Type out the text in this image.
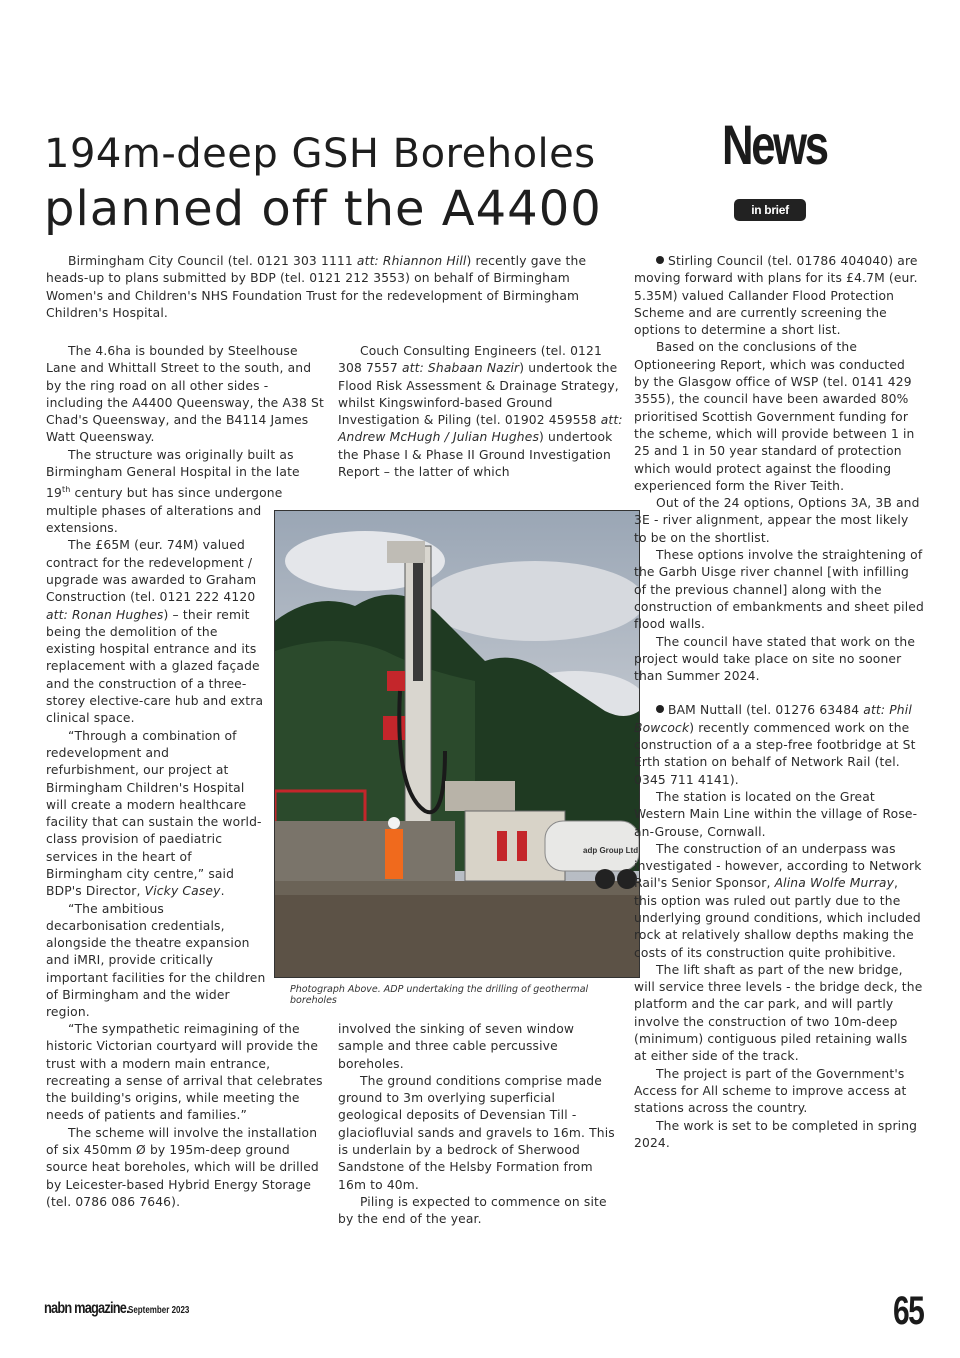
194m-deep GSH Boreholes
planned off the A4400
News
in brief

Birmingham City Council (tel. 0121 303 1111 att: Rhiannon Hill) recently gave the heads-up to plans submitted by BDP (tel. 0121 212 3553) on behalf of Birmingham Women's and Children's NHS Foundation Trust for the redevelopment of Birmingham Children's Hospital.

The 4.6ha is bounded by Steelhouse Lane and Whittall Street to the south, and by the ring road on all other sides - including the A4400 Queensway, the A38 St Chad's Queensway, and the B4114 James Watt Queensway.

The structure was originally built as Birmingham General Hospital in the late 19th century but has since undergone multiple phases of alterations and extensions.

The £65M (eur. 74M) valued contract for the redevelopment / upgrade was awarded to Graham Construction (tel. 0121 222 4120 att: Ronan Hughes) – their remit being the demolition of the existing hospital entrance and its replacement with a glazed façade and the construction of a three-storey elective-care hub and extra clinical space.

“Through a combination of redevelopment and refurbishment, our project at Birmingham Children's Hospital will create a modern healthcare facility that can sustain the world-class provision of paediatric services in the heart of Birmingham city centre,” said BDP's Director, Vicky Casey.

“The ambitious decarbonisation credentials, alongside the theatre expansion and iMRI, provide critically important facilities for the children of Birmingham and the wider region.

“The sympathetic reimagining of the historic Victorian courtyard will provide the trust with a modern main entrance, recreating a sense of arrival that celebrates the building's origins, while meeting the needs of patients and families.”

The scheme will involve the installation of six 450mm Ø by 195m-deep ground source heat boreholes, which will be drilled by Leicester-based Hybrid Energy Storage (tel. 0786 086 7646).

Couch Consulting Engineers (tel. 0121 308 7557 att: Shabaan Nazir) undertook the Flood Risk Assessment & Drainage Strategy, whilst Kingswinford-based Ground Investigation & Piling (tel. 01902 459558 att: Andrew McHugh / Julian Hughes) undertook the Phase I & Phase II Ground Investigation Report – the latter of which

involved the sinking of seven window sample and three cable percussive boreholes.

The ground conditions comprise made ground to 3m overlying superficial geological deposits of Devensian Till - glaciofluvial sands and gravels to 16m. This is underlain by a bedrock of Sherwood Sandstone of the Helsby Formation from 16m to 40m.

Piling is expected to commence on site by the end of the year.

adp Group Ltd
Photograph Above. ADP undertaking the drilling of geothermal boreholes

Stirling Council (tel. 01786 404040) are moving forward with plans for its £4.7M (eur. 5.35M) valued Callander Flood Protection Scheme and are currently screening the options to determine a short list.

Based on the conclusions of the Optioneering Report, which was conducted by the Glasgow office of WSP (tel. 0141 429 3555), the council have been awarded 80% prioritised Scottish Government funding for the scheme, which will provide between 1 in 25 and 1 in 50 year standard of protection which would protect against the flooding experienced form the River Teith.

Out of the 24 options, Options 3A, 3B and 3E - river alignment, appear the most likely to be on the shortlist.

These options involve the straightening of the Garbh Uisge river channel [with infilling of the previous channel] along with the construction of embankments and sheet piled flood walls.

The council have stated that work on the project would take place on site no sooner than Summer 2024.

BAM Nuttall (tel. 01276 63484 att: Phil Bowcock) recently commenced work on the construction of a a step-free footbridge at St Erth station on behalf of Network Rail (tel. 0345 711 4141).

The station is located on the Great Western Main Line within the village of Rose-an-Grouse, Cornwall.

The construction of an underpass was investigated - however, according to Network Rail's Senior Sponsor, Alina Wolfe Murray, this option was ruled out partly due to the underlying ground conditions, which included rock at relatively shallow depths making the costs of its construction quite prohibitive.

The lift shaft as part of the new bridge, will service three levels - the bridge deck, the platform and the car park, and will partly involve the construction of two 10m-deep (minimum) contiguous piled retaining walls at either side of the track.

The project is part of the Government's Access for All scheme to improve access at stations across the country.

The work is set to be completed in spring 2024.

nabn magazine. September 2023	65
